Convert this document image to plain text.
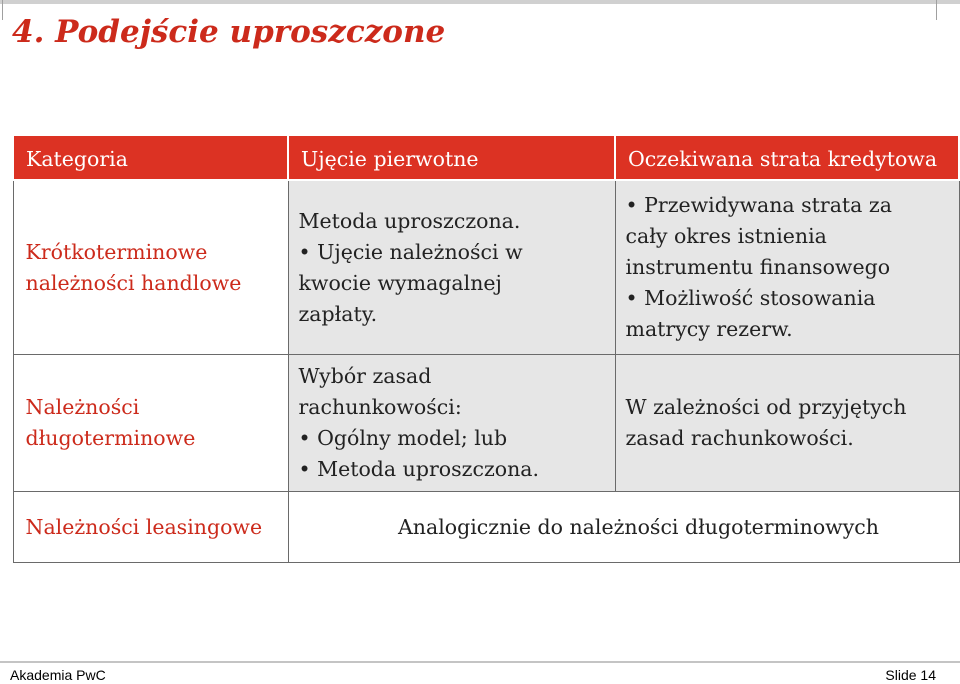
4. Podejście uproszczone
Kategoria	Ujęcie pierwotne	Oczekiwana strata kredytowa
Krótkoterminowe należności handlowe	Metoda uproszczona.
• Ujęcie należności w
kwocie wymagalnej
zapłaty.	• Przewidywana strata za
cały okres istnienia
instrumentu finansowego
• Możliwość stosowania
matrycy rezerw.

Należności długoterminowe	Wybór zasad
rachunkowości:
• Ogólny model; lub
• Metoda uproszczona.	W zależności od przyjętych
zasad rachunkowości.

Należności leasingowe	Analogicznie do należności długoterminowych	
Akademia PwC	Slide 14
